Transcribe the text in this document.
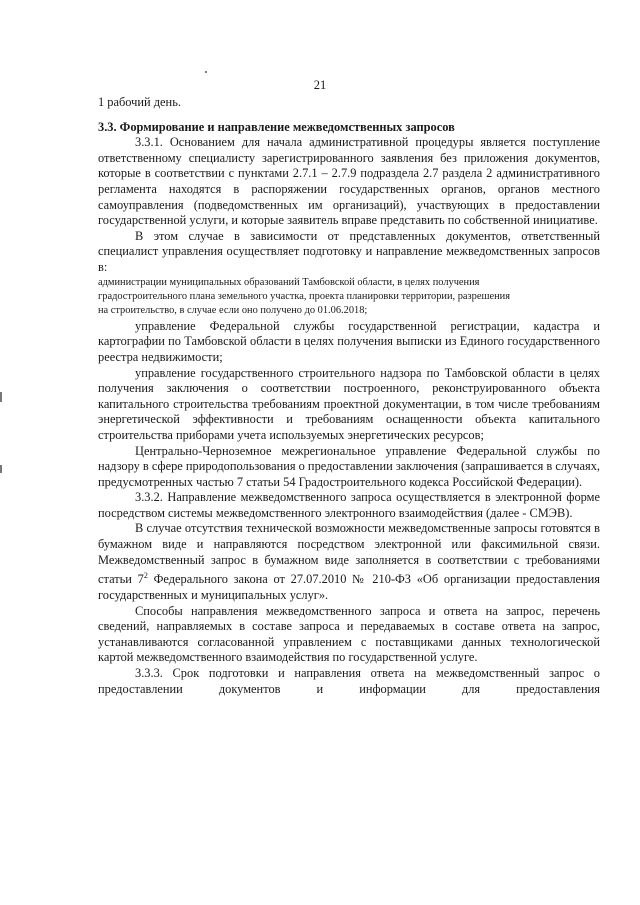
21

1 рабочий день.

3.3. Формирование и направление межведомственных запросов

3.3.1. Основанием для начала административной процедуры является поступление ответственному специалисту зарегистрированного заявления без приложения документов, которые в соответствии с пунктами 2.7.1 – 2.7.9 подраздела 2.7 раздела 2 административного регламента находятся в распоряжении государственных органов, органов местного самоуправления (подведомственных им организаций), участвующих в предоставлении государственной услуги, и которые заявитель вправе представить по собственной инициативе.

В этом случае в зависимости от представленных документов, ответственный специалист управления осуществляет подготовку и направление межведомственных запросов в:

администрации муниципальных образований Тамбовской области, в целях получения

градостроительного плана земельного участка, проекта планировки территории, разрешения

на строительство, в случае если оно получено до 01.06.2018;

управление Федеральной службы государственной регистрации, кадастра и картографии по Тамбовской области в целях получения выписки из Единого государственного реестра недвижимости;

управление государственного строительного надзора по Тамбовской области в целях получения заключения о соответствии построенного, реконструированного объекта капитального строительства требованиям проектной документации, в том числе требованиям энергетической эффективности и требованиям оснащенности объекта капитального строительства приборами учета используемых энергетических ресурсов;

Центрально-Черноземное межрегиональное управление Федеральной службы по надзору в сфере природопользования о предоставлении заключения (запрашивается в случаях, предусмотренных частью 7 статьи 54 Градостроительного кодекса Российской Федерации).

3.3.2. Направление межведомственного запроса осуществляется в электронной форме посредством системы межведомственного электронного взаимодействия (далее - СМЭВ).

В случае отсутствия технической возможности межведомственные запросы готовятся в бумажном виде и направляются посредством электронной или факсимильной связи. Межведомственный запрос в бумажном виде заполняется в соответствии с требованиями статьи $7^2$ Федерального закона от 27.07.2010 № 210-ФЗ «Об организации предоставления государственных и муниципальных услуг».

Способы направления межведомственного запроса и ответа на запрос, перечень сведений, направляемых в составе запроса и передаваемых в составе ответа на запрос, устанавливаются согласованной управлением с поставщиками данных технологической картой межведомственного взаимодействия по государственной услуге.

3.3.3. Срок подготовки и направления ответа на межведомственный запрос о предоставлении документов и информации для предоставления
